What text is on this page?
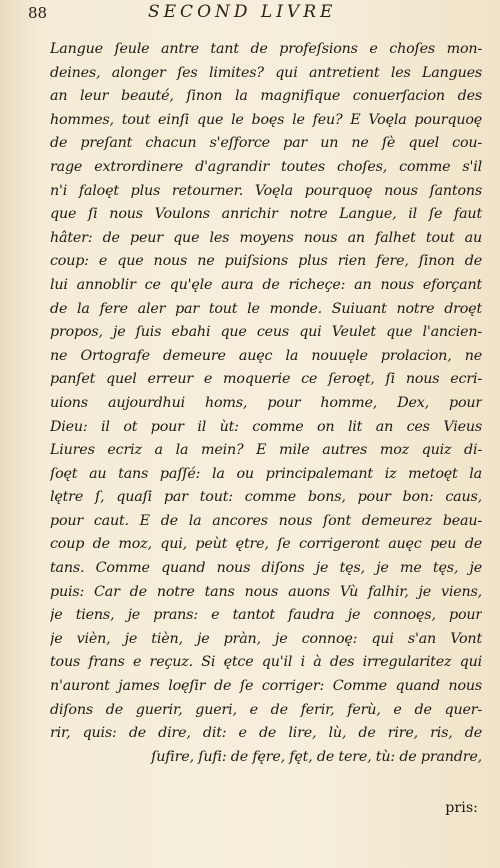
88	SECOND LIVRE
Langue ſeule antre tant de profeſsions e choſes mon-
deines, alonger ſes limites? qui antretient les Langues
an leur beauté, ſinon la magnifique conuerſacion des
hommes, tout einſi que le boęs le feu? E Voęla pourquoę
de preſant chacun s'eſforce par un ne ſè quel cou-
rage extrordinere d'agrandir toutes choſes, comme s'il
n'i faloęt plus retourner. Voęla pourquoę nous ſantons
que ſi nous Voulons anrichir notre Langue, il ſe faut
hâter: de peur que les moyens nous an falhet tout au
coup: e que nous ne puiſsions plus rien fere, ſinon de
lui annoblir ce qu'ęle aura de richeçe: an nous eforçant
de la fere aler par tout le monde. Suiuant notre droęt
propos, je ſuis ebahi que ceus qui Veulet que l'ancien-
ne Ortografe demeure auęc la nouuęle prolacion, ne
panſet quel erreur e moquerie ce ſeroęt, ſi nous ecri-
uions aujourdhui homs, pour homme, Dex, pour
Dieu: il ot pour il ùt: comme on lit an ces Vieus
Liures ecriz a la mein? E mile autres moz quiz di-
ſoęt au tans paſſé: la ou principalemant iz metoęt la
lętre ſ, quaſi par tout: comme bons, pour bon: caus,
pour caut. E de la ancores nous ſont demeurez beau-
coup de moz, qui, peùt ętre, ſe corrigeront auęc peu de
tans. Comme quand nous diſons je tęs, je me tęs, je
puis: Car de notre tans nous auons Vù falhir, je viens,
je tiens, je prans: e tantot faudra je connoęs, pour
je vièn, je tièn, je pràn, je connoę: qui s'an Vont
tous frans e reçuz. Si ętce qu'il i à des irregularitez qui
n'auront james loęſir de ſe corriger: Comme quand nous
diſons de guerir, gueri, e de ferir, ferù, e de quer-
rir, quis: de dire, dit: e de lire, lù, de rire, ris, de
ſufire, ſufi: de fęre, fęt, de tere, tù: de prandre,
pris:
